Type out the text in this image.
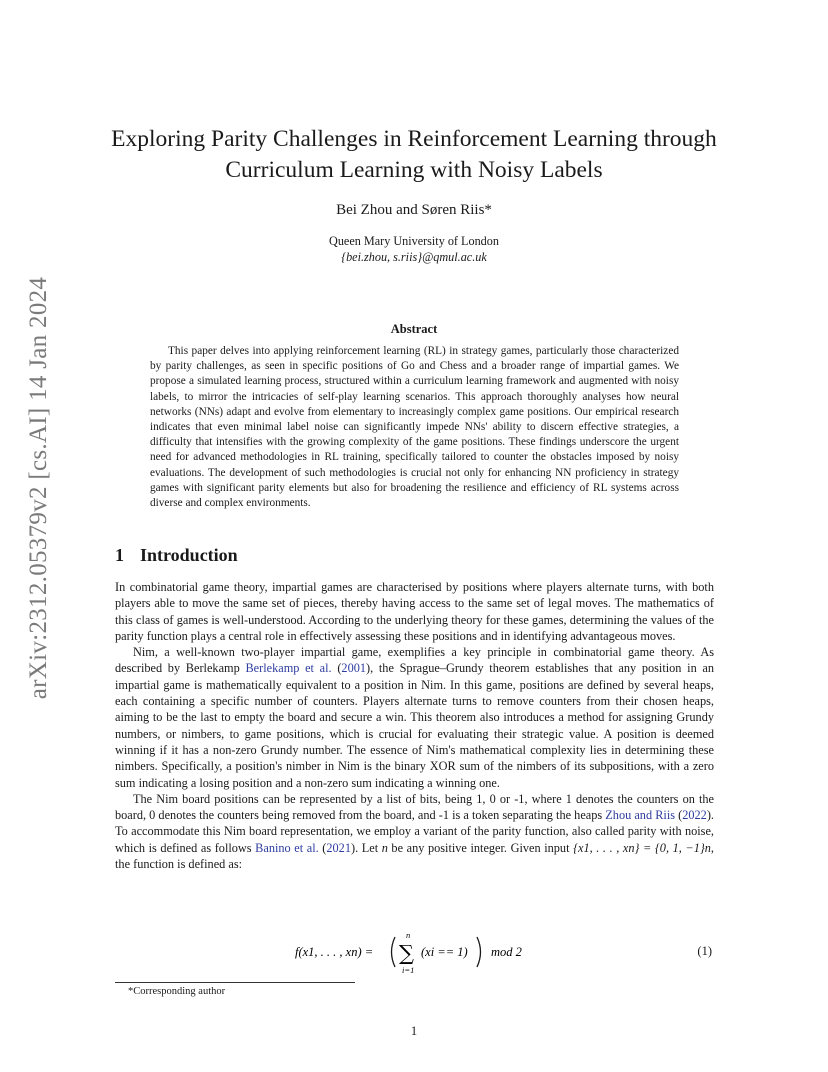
arXiv:2312.05379v2 [cs.AI] 14 Jan 2024
Exploring Parity Challenges in Reinforcement Learning through
Curriculum Learning with Noisy Labels
Bei Zhou and Søren Riis*
Queen Mary University of London
{bei.zhou, s.riis}@qmul.ac.uk
Abstract

This paper delves into applying reinforcement learning (RL) in strategy games, particularly those characterized by parity challenges, as seen in specific positions of Go and Chess and a broader range of impartial games. We propose a simulated learning process, structured within a curriculum learning framework and augmented with noisy labels, to mirror the intricacies of self-play learning scenarios. This approach thoroughly analyses how neural networks (NNs) adapt and evolve from elementary to increasingly complex game positions. Our empirical research indicates that even minimal label noise can significantly impede NNs' ability to discern effective strategies, a difficulty that intensifies with the growing complexity of the game positions. These findings underscore the urgent need for advanced methodologies in RL training, specifically tailored to counter the obstacles imposed by noisy evaluations. The development of such methodologies is crucial not only for enhancing NN proficiency in strategy games with significant parity elements but also for broadening the resilience and efficiency of RL systems across diverse and complex environments.

1 Introduction

In combinatorial game theory, impartial games are characterised by positions where players alternate turns, with both players able to move the same set of pieces, thereby having access to the same set of legal moves. The mathematics of this class of games is well-understood. According to the underlying theory for these games, determining the values of the parity function plays a central role in effectively assessing these positions and in identifying advantageous moves.

Nim, a well-known two-player impartial game, exemplifies a key principle in combinatorial game theory. As described by Berlekamp Berlekamp et al. (2001), the Sprague–Grundy theorem establishes that any position in an impartial game is mathematically equivalent to a position in Nim. In this game, positions are defined by several heaps, each containing a specific number of counters. Players alternate turns to remove counters from their chosen heaps, aiming to be the last to empty the board and secure a win. This theorem also introduces a method for assigning Grundy numbers, or nimbers, to game positions, which is crucial for evaluating their strategic value. A position is deemed winning if it has a non-zero Grundy number. The essence of Nim's mathematical complexity lies in determining these nimbers. Specifically, a position's nimber in Nim is the binary XOR sum of the nimbers of its subpositions, with a zero sum indicating a losing position and a non-zero sum indicating a winning one.

The Nim board positions can be represented by a list of bits, being 1, 0 or -1, where 1 denotes the counters on the board, 0 denotes the counters being removed from the board, and -1 is a token separating the heaps Zhou and Riis (2022). To accommodate this Nim board representation, we employ a variant of the parity function, also called parity with noise, which is defined as follows Banino et al. (2021). Let n be any positive integer. Given input {x1, . . . , xn} = {0, 1, −1}n, the function is defined as:

f(x1, . . . , xn) =
n
∑
i=1
(xi == 1) mod 2	(1)
*Corresponding author
1
